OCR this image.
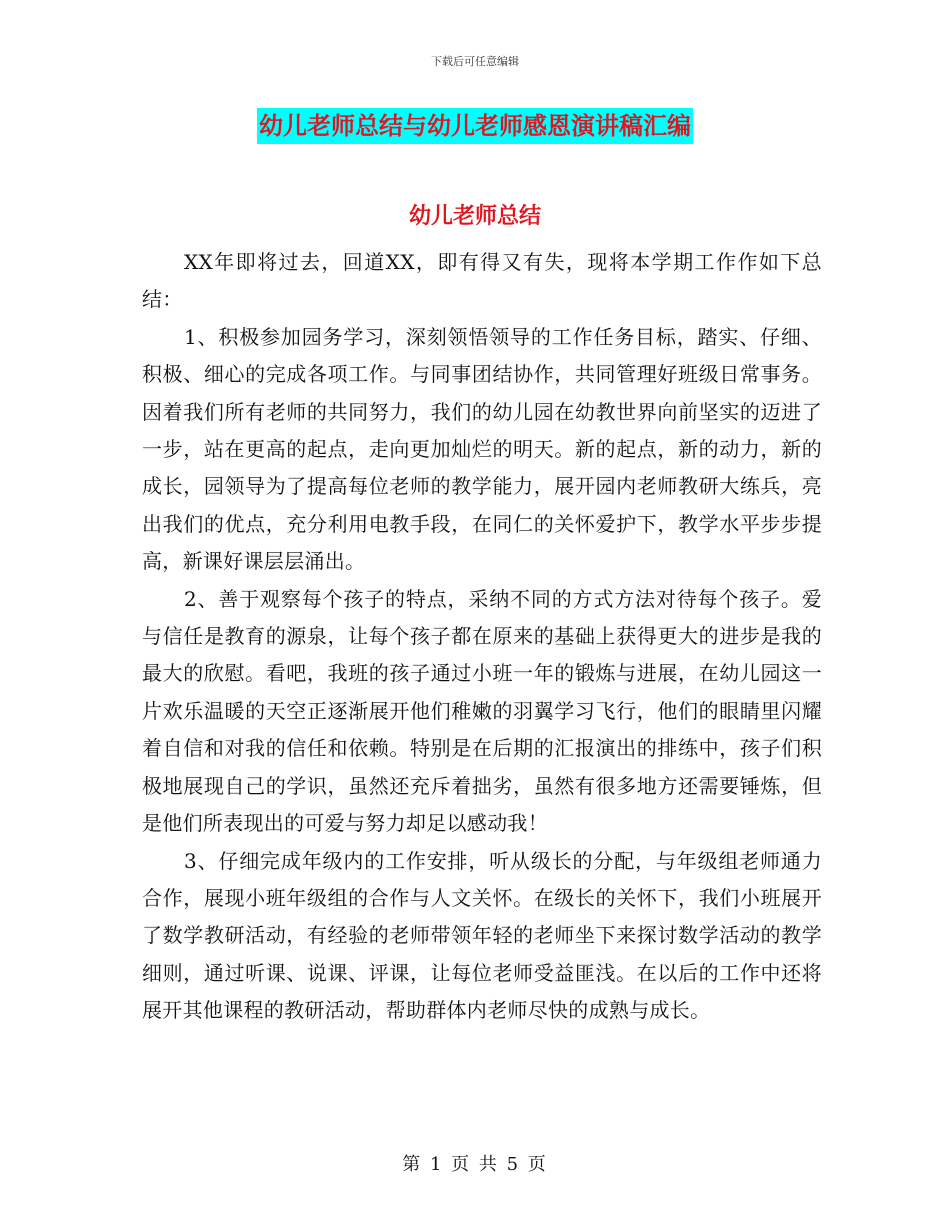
下载后可任意编辑
幼儿老师总结与幼儿老师感恩演讲稿汇编
幼儿老师总结

XX年即将过去，回道XX，即有得又有失，现将本学期工作作如下总结：

1、积极参加园务学习，深刻领悟领导的工作任务目标，踏实、仔细、积极、细心的完成各项工作。与同事团结协作，共同管理好班级日常事务。因着我们所有老师的共同努力，我们的幼儿园在幼教世界向前坚实的迈进了一步，站在更高的起点，走向更加灿烂的明天。新的起点，新的动力，新的成长，园领导为了提高每位老师的教学能力，展开园内老师教研大练兵，亮出我们的优点，充分利用电教手段，在同仁的关怀爱护下，教学水平步步提高，新课好课层层涌出。

2、善于观察每个孩子的特点，采纳不同的方式方法对待每个孩子。爱与信任是教育的源泉，让每个孩子都在原来的基础上获得更大的进步是我的最大的欣慰。看吧，我班的孩子通过小班一年的锻炼与进展，在幼儿园这一片欢乐温暖的天空正逐渐展开他们稚嫩的羽翼学习飞行，他们的眼睛里闪耀着自信和对我的信任和依赖。特别是在后期的汇报演出的排练中，孩子们积极地展现自己的学识，虽然还充斥着拙劣，虽然有很多地方还需要锤炼，但是他们所表现出的可爱与努力却足以感动我！

3、仔细完成年级内的工作安排，听从级长的分配，与年级组老师通力合作，展现小班年级组的合作与人文关怀。在级长的关怀下，我们小班展开了数学教研活动，有经验的老师带领年轻的老师坐下来探讨数学活动的教学细则，通过听课、说课、评课，让每位老师受益匪浅。在以后的工作中还将展开其他课程的教研活动，帮助群体内老师尽快的成熟与成长。

第 1 页 共 5 页
